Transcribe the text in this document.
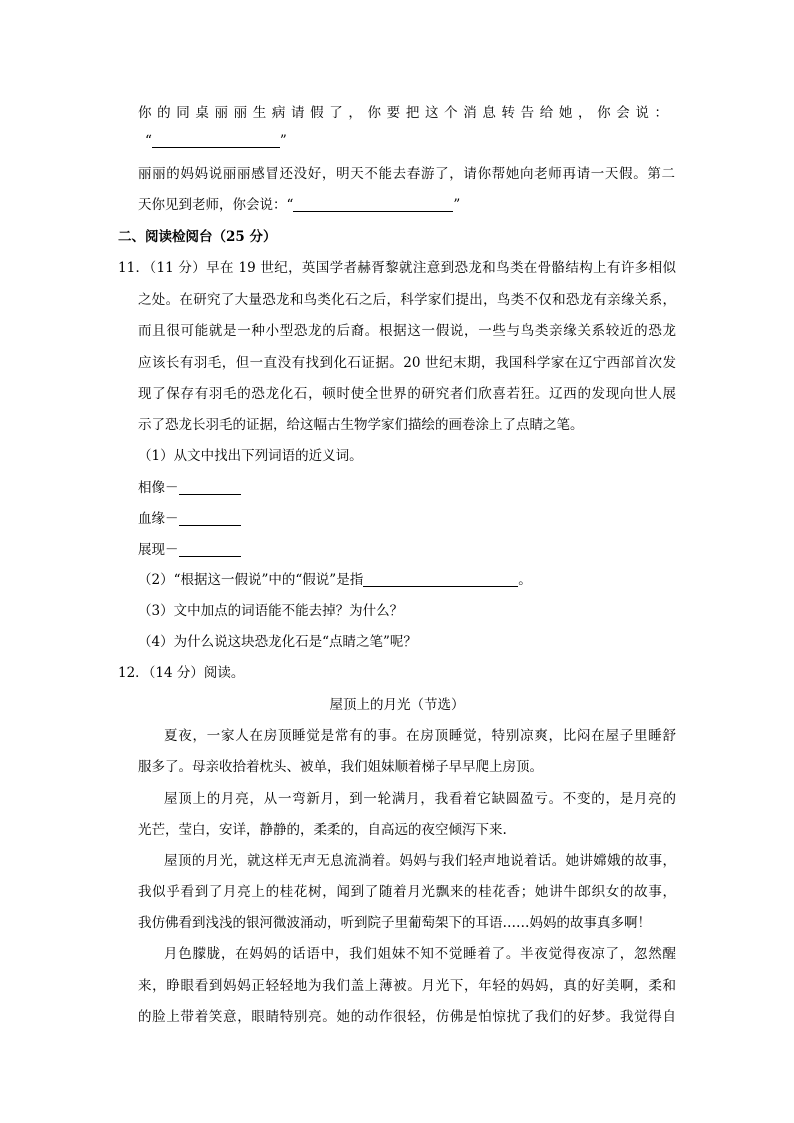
你的同桌丽丽生病请假了，你要把这个消息转告给她，你会说：
“	”
丽丽的妈妈说丽丽感冒还没好，明天不能去春游了，请你帮她向老师再请一天假。第二
天你见到老师，你会说：“	”
二、阅读检阅台（25 分）
11．（11 分）早在 19 世纪，英国学者赫胥黎就注意到恐龙和鸟类在骨骼结构上有许多相似
之处。在研究了大量恐龙和鸟类化石之后，科学家们提出，鸟类不仅和恐龙有亲缘关系，
而且很可能就是一种小型恐龙的后裔。根据这一假说，一些与鸟类亲缘关系较近的恐龙
应该长有羽毛，但一直没有找到化石证据。20 世纪末期，我国科学家在辽宁西部首次发
现了保存有羽毛的恐龙化石，顿时使全世界的研究者们欣喜若狂。辽西的发现向世人展
示了恐龙长羽毛的证据，给这幅古生物学家们描绘的画卷涂上了点睛之笔。
（1）从文中找出下列词语的近义词。
相像－
血缘－
展现－
（2）“根据这一假说”中的“假说”是指	。
（3）文中加点的词语能不能去掉？为什么？
（4）为什么说这块恐龙化石是“点睛之笔”呢？
12．（14 分）阅读。
屋顶上的月光（节选）
夏夜，一家人在房顶睡觉是常有的事。在房顶睡觉，特别凉爽，比闷在屋子里睡舒
服多了。母亲收拾着枕头、被单，我们姐妹顺着梯子早早爬上房顶。
屋顶上的月亮，从一弯新月，到一轮满月，我看着它缺圆盈亏。不变的，是月亮的
光芒，莹白，安详，静静的，柔柔的，自高远的夜空倾泻下来.
屋顶的月光，就这样无声无息流淌着。妈妈与我们轻声地说着话。她讲嫦娥的故事，
我似乎看到了月亮上的桂花树，闻到了随着月光飘来的桂花香；她讲牛郎织女的故事，
我仿佛看到浅浅的银河微波涌动，听到院子里葡萄架下的耳语……妈妈的故事真多啊！
月色朦胧，在妈妈的话语中，我们姐妹不知不觉睡着了。半夜觉得夜凉了，忽然醒
来，睁眼看到妈妈正轻轻地为我们盖上薄被。月光下，年轻的妈妈，真的好美啊，柔和
的脸上带着笑意，眼睛特别亮。她的动作很轻，仿佛是怕惊扰了我们的好梦。我觉得自
